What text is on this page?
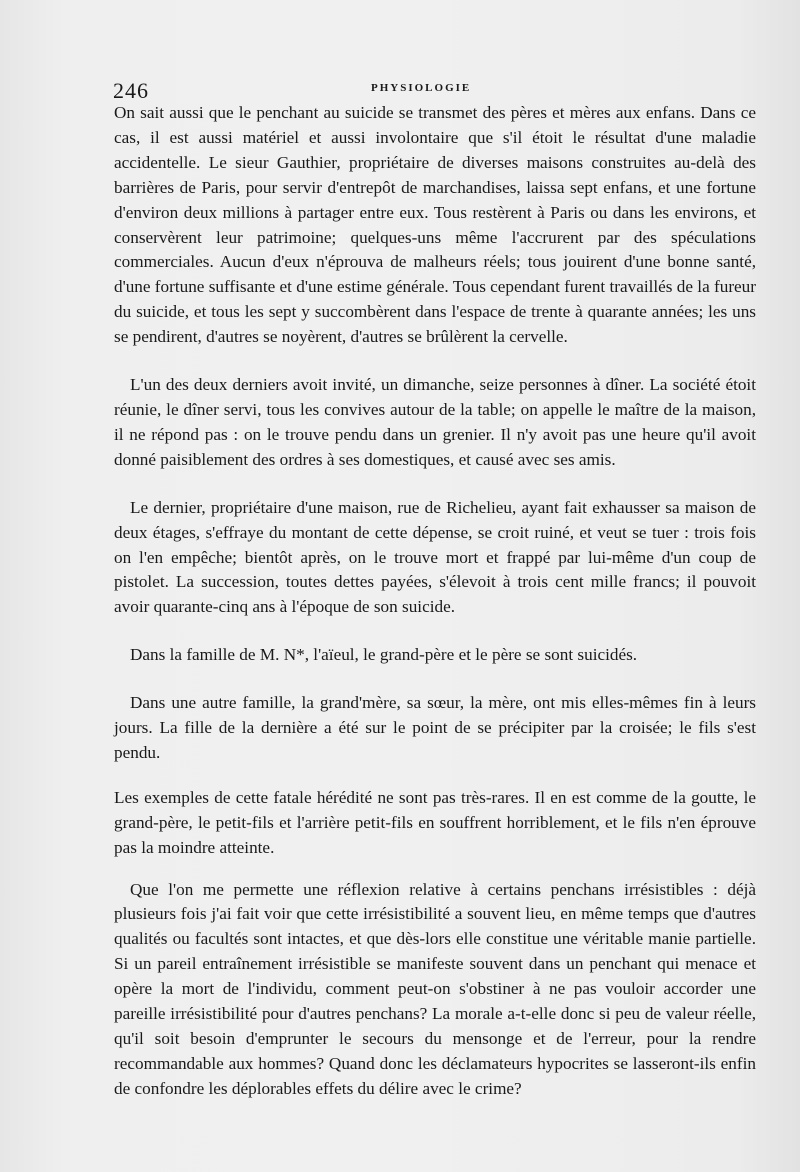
246	PHYSIOLOGIE

On sait aussi que le penchant au suicide se transmet des pères et mères aux enfans. Dans ce cas, il est aussi matériel et aussi involontaire que s'il étoit le résultat d'une maladie accidentelle. Le sieur Gauthier, propriétaire de diverses maisons construites au-delà des barrières de Paris, pour servir d'entrepôt de marchandises, laissa sept enfans, et une fortune d'environ deux millions à partager entre eux. Tous restèrent à Paris ou dans les environs, et conservèrent leur patrimoine; quelques-uns même l'accrurent par des spéculations commerciales. Aucun d'eux n'éprouva de malheurs réels; tous jouirent d'une bonne santé, d'une fortune suffisante et d'une estime générale. Tous cependant furent travaillés de la fureur du suicide, et tous les sept y succombèrent dans l'espace de trente à quarante années; les uns se pendirent, d'autres se noyèrent, d'autres se brûlèrent la cervelle.

L'un des deux derniers avoit invité, un dimanche, seize personnes à dîner. La société étoit réunie, le dîner servi, tous les convives autour de la table; on appelle le maître de la maison, il ne répond pas : on le trouve pendu dans un grenier. Il n'y avoit pas une heure qu'il avoit donné paisiblement des ordres à ses domestiques, et causé avec ses amis.

Le dernier, propriétaire d'une maison, rue de Richelieu, ayant fait exhausser sa maison de deux étages, s'effraye du montant de cette dépense, se croit ruiné, et veut se tuer : trois fois on l'en empêche; bientôt après, on le trouve mort et frappé par lui-même d'un coup de pistolet. La succession, toutes dettes payées, s'élevoit à trois cent mille francs; il pouvoit avoir quarante-cinq ans à l'époque de son suicide.

Dans la famille de M. N*, l'aïeul, le grand-père et le père se sont suicidés.

Dans une autre famille, la grand'mère, sa sœur, la mère, ont mis elles-mêmes fin à leurs jours. La fille de la dernière a été sur le point de se précipiter par la croisée; le fils s'est pendu.

Les exemples de cette fatale hérédité ne sont pas très-rares. Il en est comme de la goutte, le grand-père, le petit-fils et l'arrière petit-fils en souffrent horriblement, et le fils n'en éprouve pas la moindre atteinte.

Que l'on me permette une réflexion relative à certains penchans irrésistibles : déjà plusieurs fois j'ai fait voir que cette irrésistibilité a souvent lieu, en même temps que d'autres qualités ou facultés sont intactes, et que dès-lors elle constitue une véritable manie partielle. Si un pareil entraînement irrésistible se manifeste souvent dans un penchant qui menace et opère la mort de l'individu, comment peut-on s'obstiner à ne pas vouloir accorder une pareille irrésistibilité pour d'autres penchans? La morale a-t-elle donc si peu de valeur réelle, qu'il soit besoin d'emprunter le secours du mensonge et de l'erreur, pour la rendre recommandable aux hommes? Quand donc les déclamateurs hypocrites se lasseront-ils enfin de confondre les déplorables effets du délire avec le crime?
